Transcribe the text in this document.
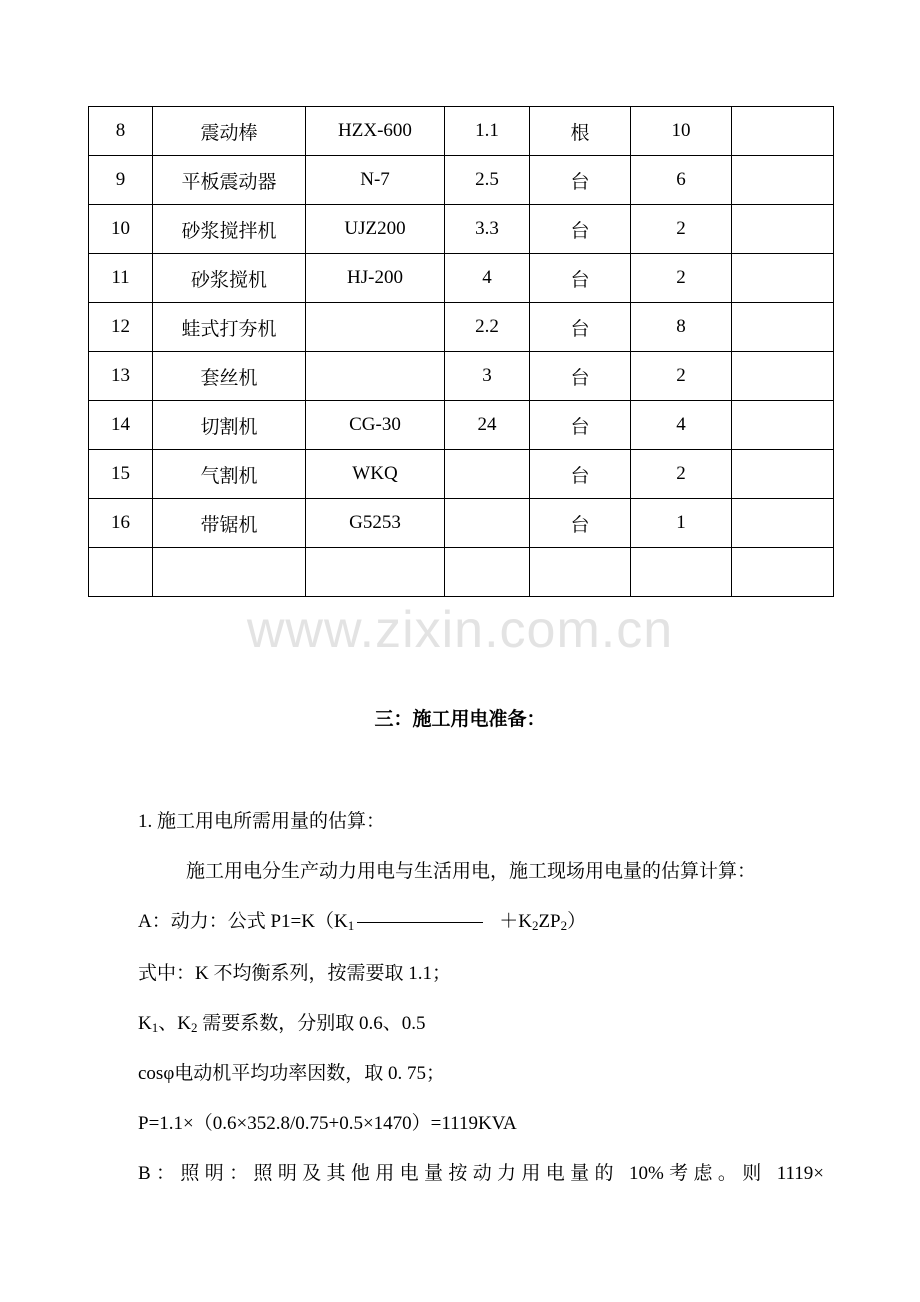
8	震动棒	HZX-600	1.1	根	10	
9	平板震动器	N-7	2.5	台	6	
10	砂浆搅拌机	UJZ200	3.3	台	2	
11	砂浆搅机	HJ-200	4	台	2	
12	蛙式打夯机		2.2	台	8	
13	套丝机		3	台	2	
14	切割机	CG-30	24	台	4	
15	气割机	WKQ		台	2	
16	带锯机	G5253		台	1	

www.zixin.com.cn
三：施工用电准备：
1. 施工用电所需用量的估算：
施工用电分生产动力用电与生活用电，施工现场用电量的估算计算：
A：动力：公式 $P1=K(K_1$	$+K_2ZP_2$）
式中：K 不均衡系列，按需要取 1.1；
$K_1$、$K_2$ 需要系数，分别取 0.6、0.5
cosφ电动机平均功率因数，取 0. 75；
P=1.1×（0.6×352.8/0.75+0.5×1470）=1119KVA
B：照明：照明及其他用电量按动力用电量的 10%考虑。则 1119×
